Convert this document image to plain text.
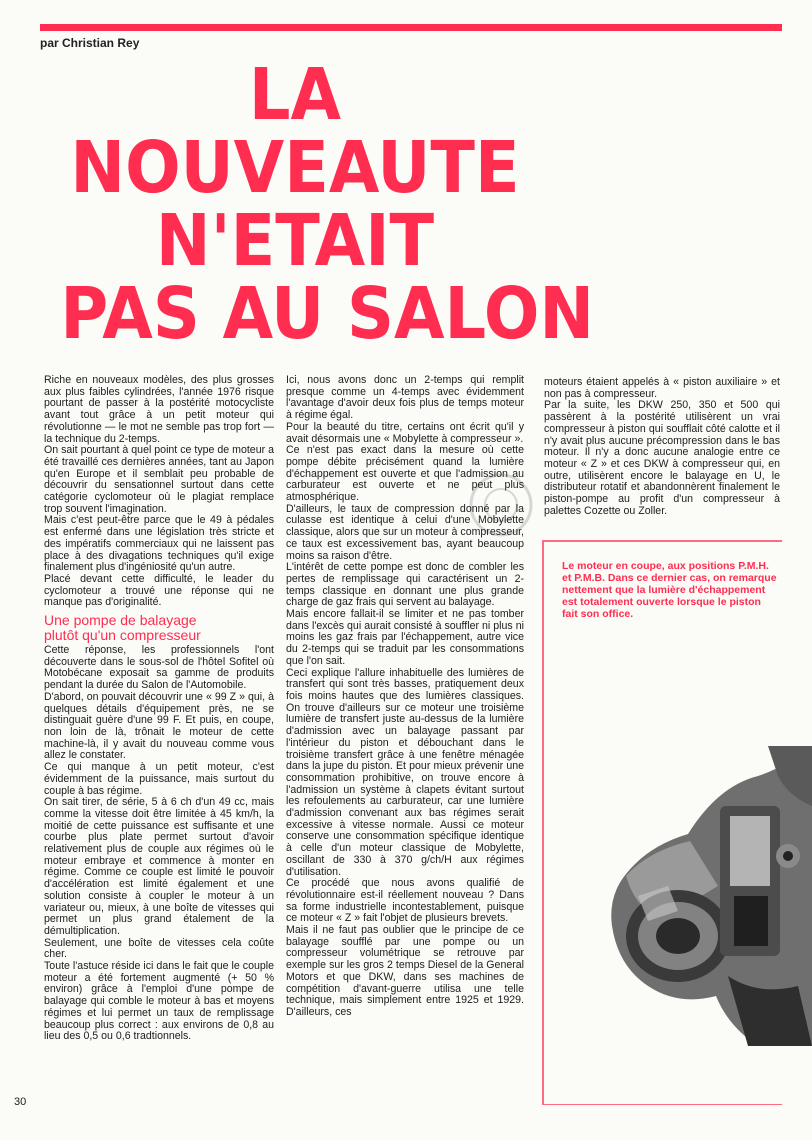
par Christian Rey
LA
NOUVEAUTE
N'ETAIT
PAS AU SALON

Riche en nouveaux modèles, des plus grosses aux plus faibles cylindrées, l'année 1976 risque pourtant de passer à la postérité motocycliste avant tout grâce à un petit moteur qui révolutionne — le mot ne semble pas trop fort — la technique du 2-temps.

On sait pourtant à quel point ce type de moteur a été travaillé ces dernières années, tant au Japon qu'en Europe et il semblait peu probable de découvrir du sensationnel surtout dans cette catégorie cyclomoteur où le plagiat remplace trop souvent l'imagination.

Mais c'est peut-être parce que le 49 à pédales est enfermé dans une législation très stricte et des impératifs commerciaux qui ne laissent pas place à des divagations techniques qu'il exige finalement plus d'ingéniosité qu'un autre.

Placé devant cette difficulté, le leader du cyclomoteur a trouvé une réponse qui ne manque pas d'originalité.

Une pompe de balayage
plutôt qu'un compresseur

Cette réponse, les professionnels l'ont découverte dans le sous-sol de l'hôtel Sofitel où Motobécane exposait sa gamme de produits pendant la durée du Salon de l'Automobile.

D'abord, on pouvait découvrir une « 99 Z » qui, à quelques détails d'équipement près, ne se distinguait guère d'une 99 F. Et puis, en coupe, non loin de là, trônait le moteur de cette machine-là, il y avait du nouveau comme vous allez le constater.

Ce qui manque à un petit moteur, c'est évidemment de la puissance, mais surtout du couple à bas régime.

On sait tirer, de série, 5 à 6 ch d'un 49 cc, mais comme la vitesse doit être limitée à 45 km/h, la moitié de cette puissance est suffisante et une courbe plus plate permet surtout d'avoir relativement plus de couple aux régimes où le moteur embraye et commence à monter en régime. Comme ce couple est limité le pouvoir d'accélération est limité également et une solution consiste à coupler le moteur à un variateur ou, mieux, à une boîte de vitesses qui permet un plus grand étalement de la démultiplication.

Seulement, une boîte de vitesses cela coûte cher.

Toute l'astuce réside ici dans le fait que le couple moteur a été fortement augmenté (+ 50 % environ) grâce à l'emploi d'une pompe de balayage qui comble le moteur à bas et moyens régimes et lui permet un taux de remplissage beaucoup plus correct : aux environs de 0,8 au lieu des 0,5 ou 0,6 tradtionnels.

Ici, nous avons donc un 2-temps qui remplit presque comme un 4-temps avec évidemment l'avantage d'avoir deux fois plus de temps moteur à régime égal.

Pour la beauté du titre, certains ont écrit qu'il y avait désormais une « Mobylette à compresseur ».

Ce n'est pas exact dans la mesure où cette pompe débite précisément quand la lumière d'échappement est ouverte et que l'admission au carburateur est ouverte et ne peut plus atmosphérique.

D'ailleurs, le taux de compression donné par la culasse est identique à celui d'une Mobylette classique, alors que sur un moteur à compresseur, ce taux est excessivement bas, ayant beaucoup moins sa raison d'être.

L'intérêt de cette pompe est donc de combler les pertes de remplissage qui caractérisent un 2-temps classique en donnant une plus grande charge de gaz frais qui servent au balayage.

Mais encore fallait-il se limiter et ne pas tomber dans l'excès qui aurait consisté à souffler ni plus ni moins les gaz frais par l'échappement, autre vice du 2-temps qui se traduit par les consommations que l'on sait.

Ceci explique l'allure inhabituelle des lumières de transfert qui sont très basses, pratiquement deux fois moins hautes que des lumières classiques. On trouve d'ailleurs sur ce moteur une troisième lumière de transfert juste au-dessus de la lumière d'admission avec un balayage passant par l'intérieur du piston et débouchant dans le troisième transfert grâce à une fenêtre ménagée dans la jupe du piston. Et pour mieux prévenir une consommation prohibitive, on trouve encore à l'admission un système à clapets évitant surtout les refoulements au carburateur, car une lumière d'admission convenant aux bas régimes serait excessive à vitesse normale. Aussi ce moteur conserve une consommation spécifique identique à celle d'un moteur classique de Mobylette, oscillant de 330 à 370 g/ch/H aux régimes d'utilisation.

Ce procédé que nous avons qualifié de révolutionnaire est-il réellement nouveau ? Dans sa forme industrielle incontestablement, puisque ce moteur « Z » fait l'objet de plusieurs brevets.

Mais il ne faut pas oublier que le principe de ce balayage soufflé par une pompe ou un compresseur volumétrique se retrouve par exemple sur les gros 2 temps Diesel de la General Motors et que DKW, dans ses machines de compétition d'avant-guerre utilisa une telle technique, mais simplement entre 1925 et 1929. D'ailleurs, ces

moteurs étaient appelés à « piston auxiliaire » et non pas à compresseur.

Par la suite, les DKW 250, 350 et 500 qui passèrent à la postérité utilisèrent un vrai compresseur à piston qui soufflait côté calotte et il n'y avait plus aucune précompression dans le bas moteur. Il n'y a donc aucune analogie entre ce moteur « Z » et ces DKW à compresseur qui, en outre, utilisèrent encore le balayage en U, le distributeur rotatif et abandonnèrent finalement le piston-pompe au profit d'un compresseur à palettes Cozette ou Zoller.

Le moteur en coupe, aux positions P.M.H. et P.M.B. Dans ce dernier cas, on remarque nettement que la lumière d'échappement est totalement ouverte lorsque le piston fait son office.
30
